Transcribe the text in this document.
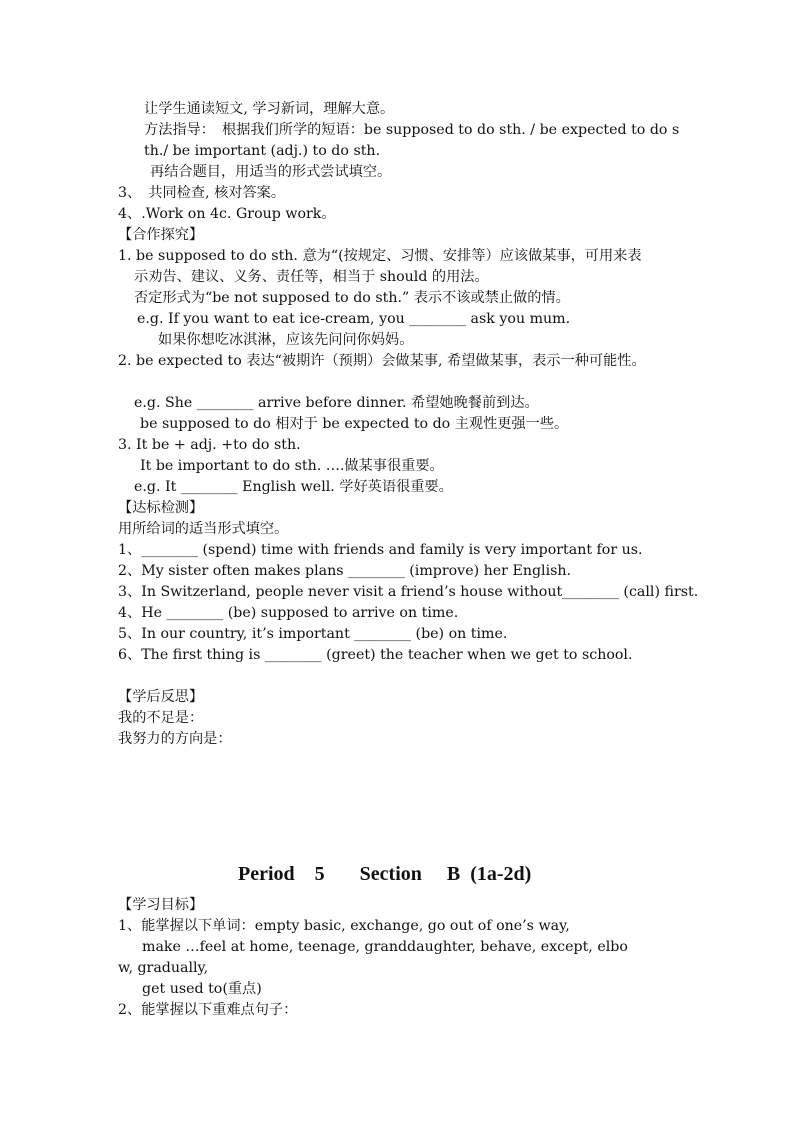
让学生通读短文, 学习新词，理解大意。
方法指导：　根据我们所学的短语：be supposed to do sth. / be expected to do s
th./ be important (adj.) to do sth.
再结合题目，用适当的形式尝试填空。
3、　共同检查, 核对答案。
4、.Work on 4c. Group work。
【合作探究】
1. be supposed to do sth. 意为“(按规定、习惯、安排等）应该做某事，可用来表
示劝告、建议、义务、责任等，相当于 should 的用法。
否定形式为“be not supposed to do sth.” 表示不该或禁止做的情。
e.g. If you want to eat ice-cream, you ________ ask you mum.
如果你想吃冰淇淋，应该先问问你妈妈。
2. be expected to 表达“被期许（预期）会做某事, 希望做某事，表示一种可能性。
e.g. She ________ arrive before dinner. 希望她晚餐前到达。
be supposed to do 相对于 be expected to do 主观性更强一些。
3. It be + adj. +to do sth.
It be important to do sth. ….做某事很重要。
e.g. It ________ English well. 学好英语很重要。
【达标检测】
用所给词的适当形式填空。
1、________ (spend) time with friends and family is very important for us.
2、My sister often makes plans ________ (improve) her English.
3、In Switzerland, people never visit a friend’s house without________ (call) first.
4、He ________ (be) supposed to arrive on time.
5、In our country, it’s important ________ (be) on time.
6、The first thing is ________ (greet) the teacher when we get to school.
【学后反思】
我的不足是：
我努力的方向是：
Period    5       Section     B  (1a-2d)
【学习目标】
1、能掌握以下单词：empty basic, exchange, go out of one’s way,
make …feel at home, teenage, granddaughter, behave, except, elbo
w, gradually,
get used to(重点)
2、能掌握以下重难点句子：
